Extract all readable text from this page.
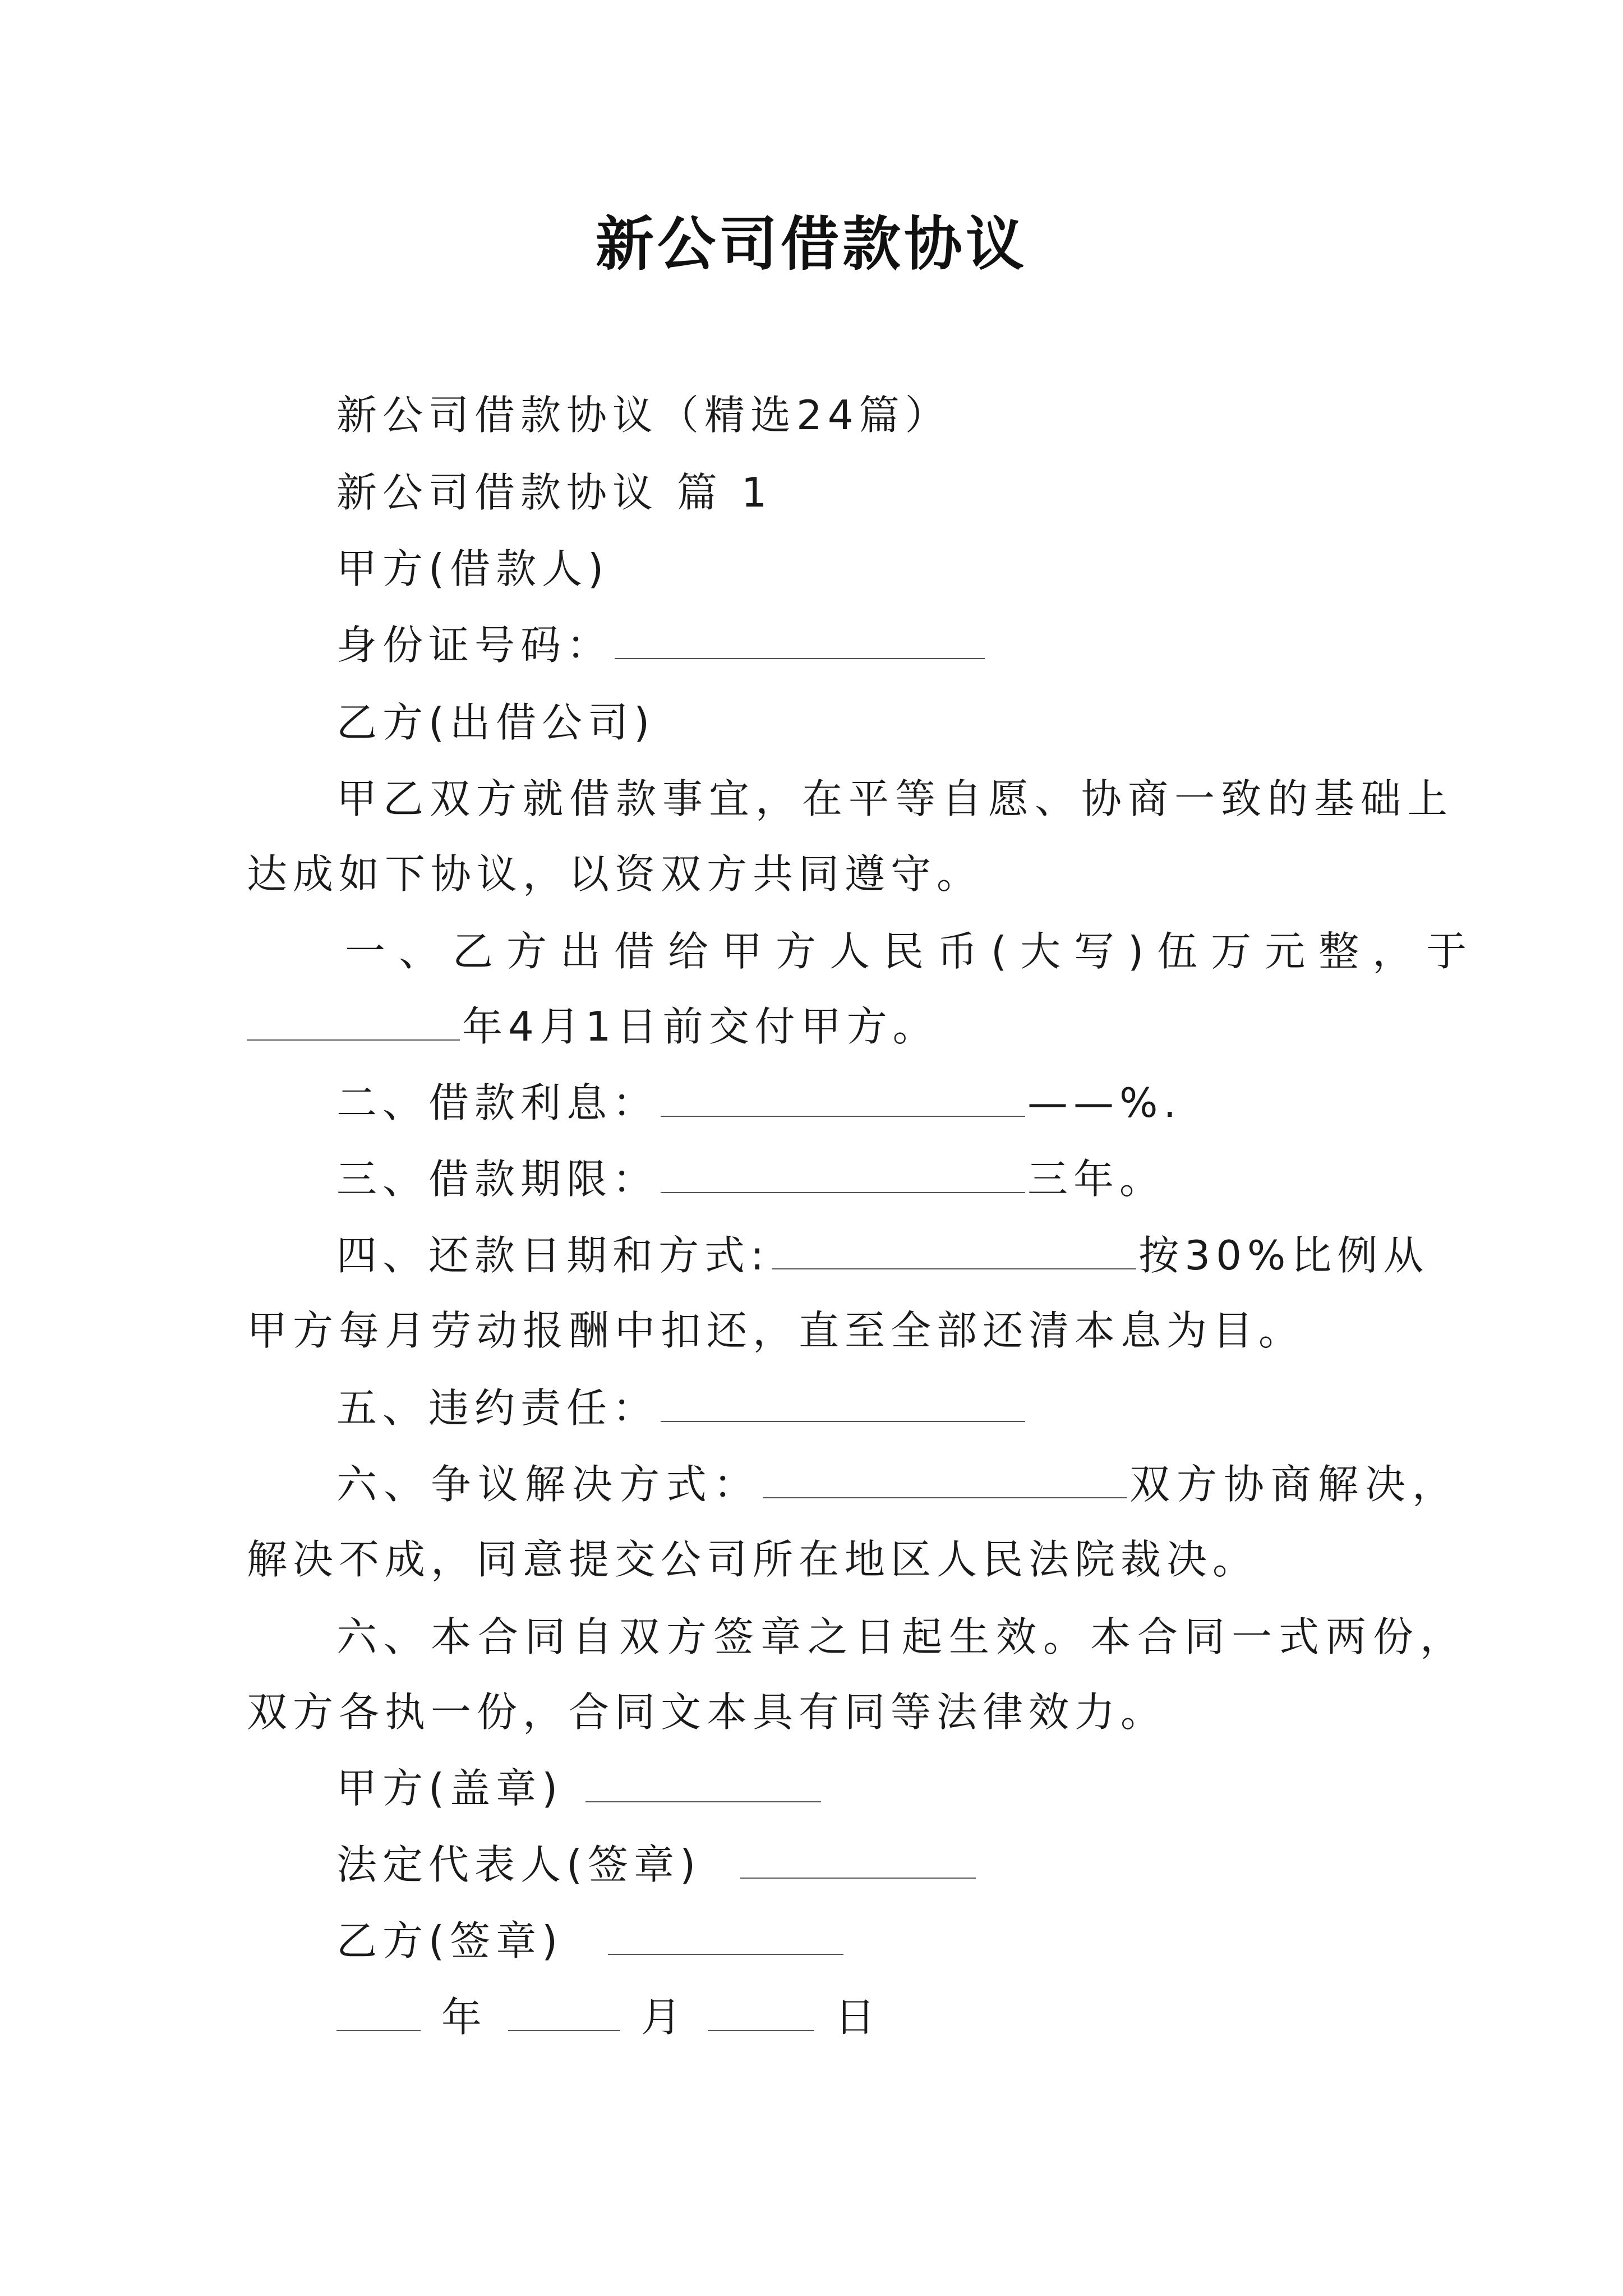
新公司借款协议
新公司借款协议（精选24篇）
新公司借款协议 篇 1
甲方(借款人)
身份证号码：
乙方(出借公司)
甲乙双方就借款事宜，在平等自愿、协商一致的基础上
达成如下协议，以资双方共同遵守。
一、乙方出借给甲方人民币(大写)伍万元整，于
年4月1日前交付甲方。
二、借款利息：	——%.
三、借款期限：	三年。
四、还款日期和方式:	按30%比例从
甲方每月劳动报酬中扣还，直至全部还清本息为目。
五、违约责任：
六、争议解决方式：	双方协商解决，
解决不成，同意提交公司所在地区人民法院裁决。
六、本合同自双方签章之日起生效。本合同一式两份，
双方各执一份，合同文本具有同等法律效力。
甲方(盖章)
法定代表人(签章)
乙方(签章)
年	月	日
